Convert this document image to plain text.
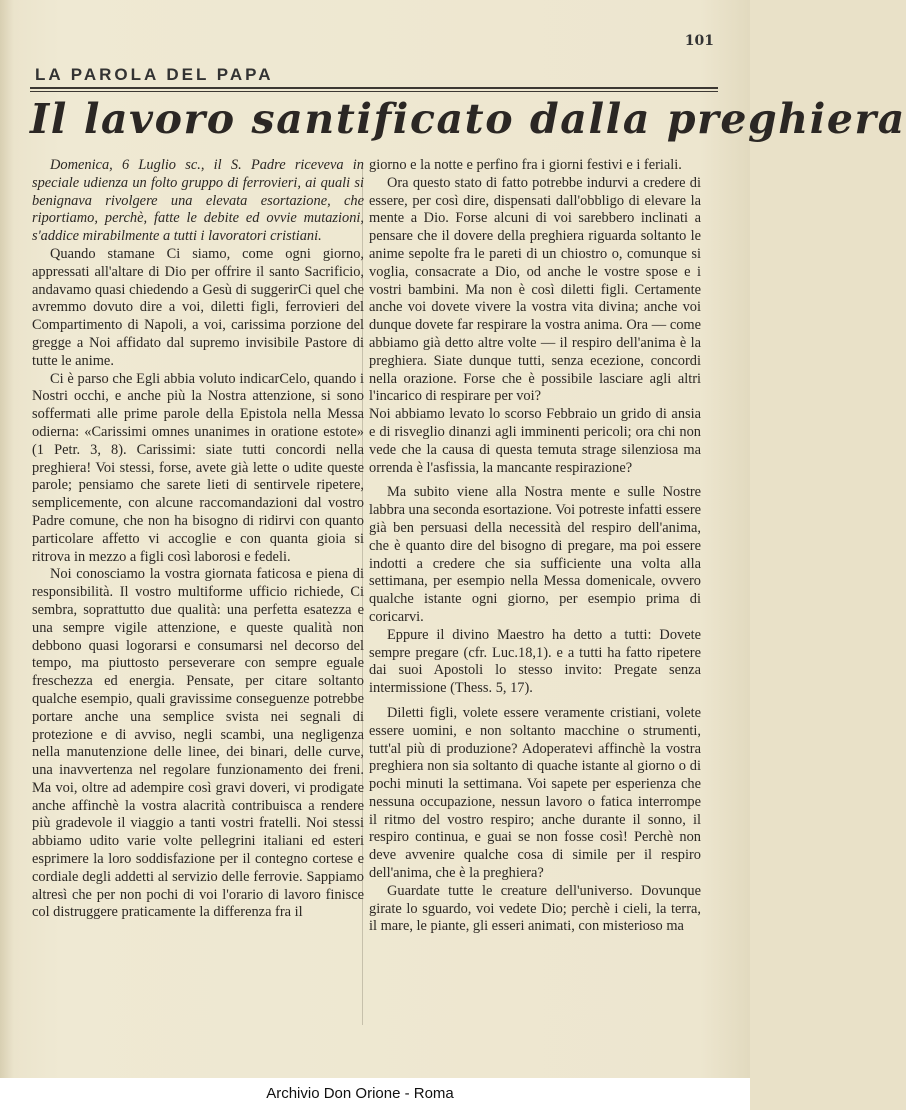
101
LA PAROLA DEL PAPA
Il lavoro santificato dalla preghiera

Domenica, 6 Luglio sc., il S. Padre riceveva in speciale udienza un folto gruppo di ferrovieri, ai quali si benignava rivolgere una elevata esortazione, che riportiamo, perchè, fatte le debite ed ovvie mutazioni, s'addice mirabilmente a tutti i lavoratori cristiani.

Quando stamane Ci siamo, come ogni giorno, appressati all'altare di Dio per offrire il santo Sacrificio, andavamo quasi chiedendo a Gesù di suggerirCi quel che avremmo dovuto dire a voi, diletti figli, ferrovieri del Compartimento di Napoli, a voi, carissima porzione del gregge a Noi affidato dal supremo invisibile Pastore di tutte le anime.

Ci è parso che Egli abbia voluto indicarCelo, quando i Nostri occhi, e anche più la Nostra attenzione, si sono soffermati alle prime parole della Epistola nella Messa odierna: «Carissimi omnes unanimes in oratione estote» (1 Petr. 3, 8). Carissimi: siate tutti concordi nella preghiera! Voi stessi, forse, avete già lette o udite queste parole; pensiamo che sarete lieti di sentirvele ripetere, semplicemente, con alcune raccomandazioni dal vostro Padre comune, che non ha bisogno di ridirvi con quanto particolare affetto vi accoglie e con quanta gioia si ritrova in mezzo a figli così laborosi e fedeli.

Noi conosciamo la vostra giornata faticosa e piena di responsibilità. Il vostro multiforme ufficio richiede, Ci sembra, soprattutto due qualità: una perfetta esatezza e una sempre vigile attenzione, e queste qualità non debbono quasi logorarsi e consumarsi nel decorso del tempo, ma piuttosto perseverare con sempre eguale freschezza ed energia. Pensate, per citare soltanto qualche esempio, quali gravissime conseguenze potrebbe portare anche una semplice svista nei segnali di protezione e di avviso, negli scambi, una negligenza nella manutenzione delle linee, dei binari, delle curve, una inavvertenza nel regolare funzionamento dei freni. Ma voi, oltre ad adempire così gravi doveri, vi prodigate anche affinchè la vostra alacrità contribuisca a rendere più gradevole il viaggio a tanti vostri fratelli. Noi stessi abbiamo udito varie volte pellegrini italiani ed esteri esprimere la loro soddisfazione per il contegno cortese e cordiale degli addetti al servizio delle ferrovie. Sappiamo altresì che per non pochi di voi l'orario di lavoro finisce col distruggere praticamente la differenza fra il

giorno e la notte e perfino fra i giorni festivi e i feriali.

Ora questo stato di fatto potrebbe indurvi a credere di essere, per così dire, dispensati dall'obbligo di elevare la mente a Dio. Forse alcuni di voi sarebbero inclinati a pensare che il dovere della preghiera riguarda soltanto le anime sepolte fra le pareti di un chiostro o, comunque si voglia, consacrate a Dio, od anche le vostre spose e i vostri bambini. Ma non è così diletti figli. Certamente anche voi dovete vivere la vostra vita divina; anche voi dunque dovete far respirare la vostra anima. Ora — come abbiamo già detto altre volte — il respiro dell'anima è la preghiera. Siate dunque tutti, senza ecezione, concordi nella orazione. Forse che è possibile lasciare agli altri l'incarico di respirare per voi?

Noi abbiamo levato lo scorso Febbraio un grido di ansia e di risveglio dinanzi agli imminenti pericoli; ora chi non vede che la causa di questa temuta strage silenziosa ma orrenda è l'asfissia, la mancante respirazione?

Ma subito viene alla Nostra mente e sulle Nostre labbra una seconda esortazione. Voi potreste infatti essere già ben persuasi della necessità del respiro dell'anima, che è quanto dire del bisogno di pregare, ma poi essere indotti a credere che sia sufficiente una volta alla settimana, per esempio nella Messa domenicale, ovvero qualche istante ogni giorno, per esempio prima di coricarvi.

Eppure il divino Maestro ha detto a tutti: Dovete sempre pregare (cfr. Luc.18,1). e a tutti ha fatto ripetere dai suoi Apostoli lo stesso invito: Pregate senza intermissione (Thess. 5, 17).

Diletti figli, volete essere veramente cristiani, volete essere uomini, e non soltanto macchine o strumenti, tutt'al più di produzione? Adoperatevi affinchè la vostra preghiera non sia soltanto di quache istante al giorno o di pochi minuti la settimana. Voi sapete per esperienza che nessuna occupazione, nessun lavoro o fatica interrompe il ritmo del vostro respiro; anche durante il sonno, il respiro continua, e guai se non fosse così! Perchè non deve avvenire qualche cosa di simile per il respiro dell'anima, che è la preghiera?

Guardate tutte le creature dell'universo. Dovunque girate lo sguardo, voi vedete Dio; perchè i cieli, la terra, il mare, le piante, gli esseri animati, con misterioso ma

Archivio Don Orione - Roma
